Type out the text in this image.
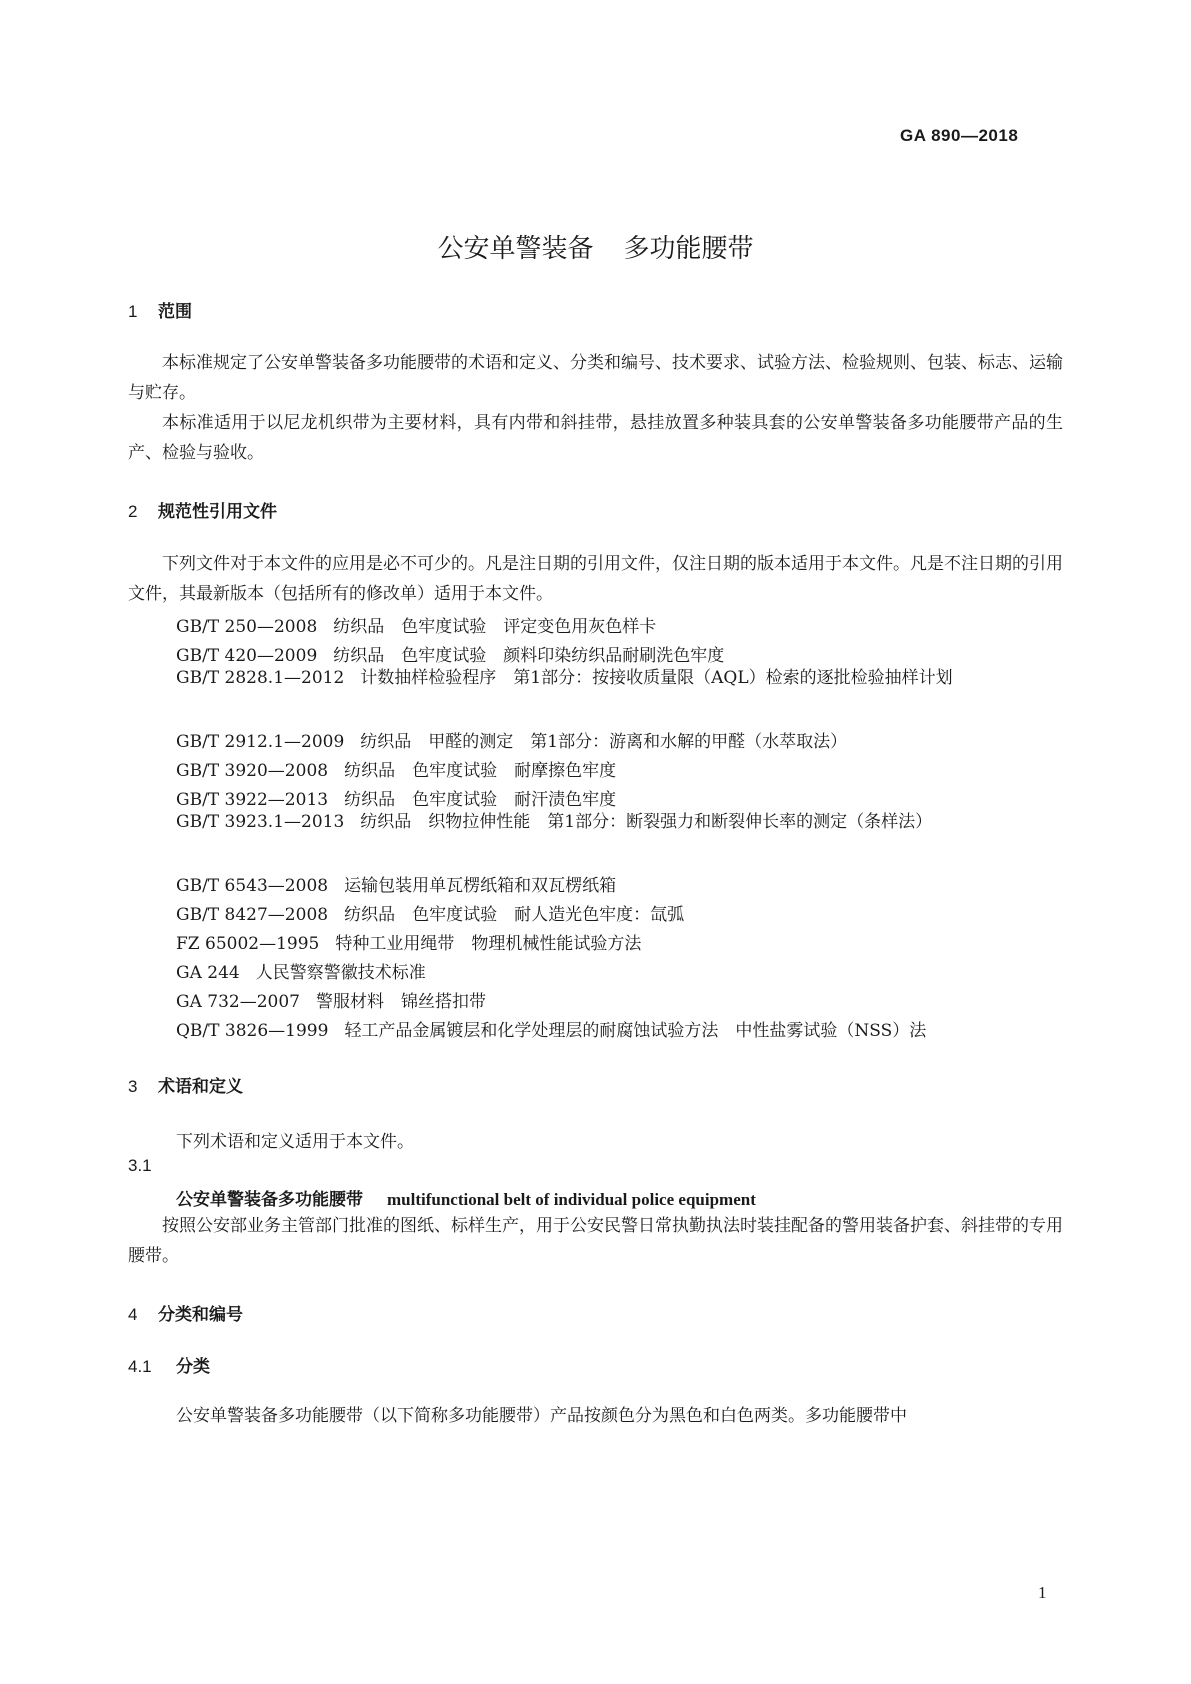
GA 890—2018
公安单警装备 多功能腰带
1 范围

本标准规定了公安单警装备多功能腰带的术语和定义、分类和编号、技术要求、试验方法、检验规则、包装、标志、运输与贮存。

本标准适用于以尼龙机织带为主要材料，具有内带和斜挂带，悬挂放置多种装具套的公安单警装备多功能腰带产品的生产、检验与验收。

2 规范性引用文件

下列文件对于本文件的应用是必不可少的。凡是注日期的引用文件，仅注日期的版本适用于本文件。凡是不注日期的引用文件，其最新版本（包括所有的修改单）适用于本文件。

GB/T 250—2008 纺织品　色牢度试验　评定变色用灰色样卡
GB/T 420—2009 纺织品　色牢度试验　颜料印染纺织品耐刷洗色牢度
GB/T 2828.1—2012 计数抽样检验程序　第1部分：按接收质量限（AQL）检索的逐批检验抽样计划
GB/T 2912.1—2009 纺织品　甲醛的测定　第1部分：游离和水解的甲醛（水萃取法）
GB/T 3920—2008 纺织品　色牢度试验　耐摩擦色牢度
GB/T 3922—2013 纺织品　色牢度试验　耐汗渍色牢度
GB/T 3923.1—2013 纺织品　织物拉伸性能　第1部分：断裂强力和断裂伸长率的测定（条样法）
GB/T 6543—2008 运输包装用单瓦楞纸箱和双瓦楞纸箱
GB/T 8427—2008 纺织品　色牢度试验　耐人造光色牢度：氙弧
FZ 65002—1995 特种工业用绳带　物理机械性能试验方法
GA 244 人民警察警徽技术标准
GA 732—2007 警服材料　锦丝搭扣带
QB/T 3826—1999 轻工产品金属镀层和化学处理层的耐腐蚀试验方法　中性盐雾试验（NSS）法
3 术语和定义
下列术语和定义适用于本文件。
3.1
公安单警装备多功能腰带 multifunctional belt of individual police equipment

按照公安部业务主管部门批准的图纸、标样生产，用于公安民警日常执勤执法时装挂配备的警用装备护套、斜挂带的专用腰带。

4 分类和编号
4.1 分类
公安单警装备多功能腰带（以下简称多功能腰带）产品按颜色分为黑色和白色两类。多功能腰带中
1
